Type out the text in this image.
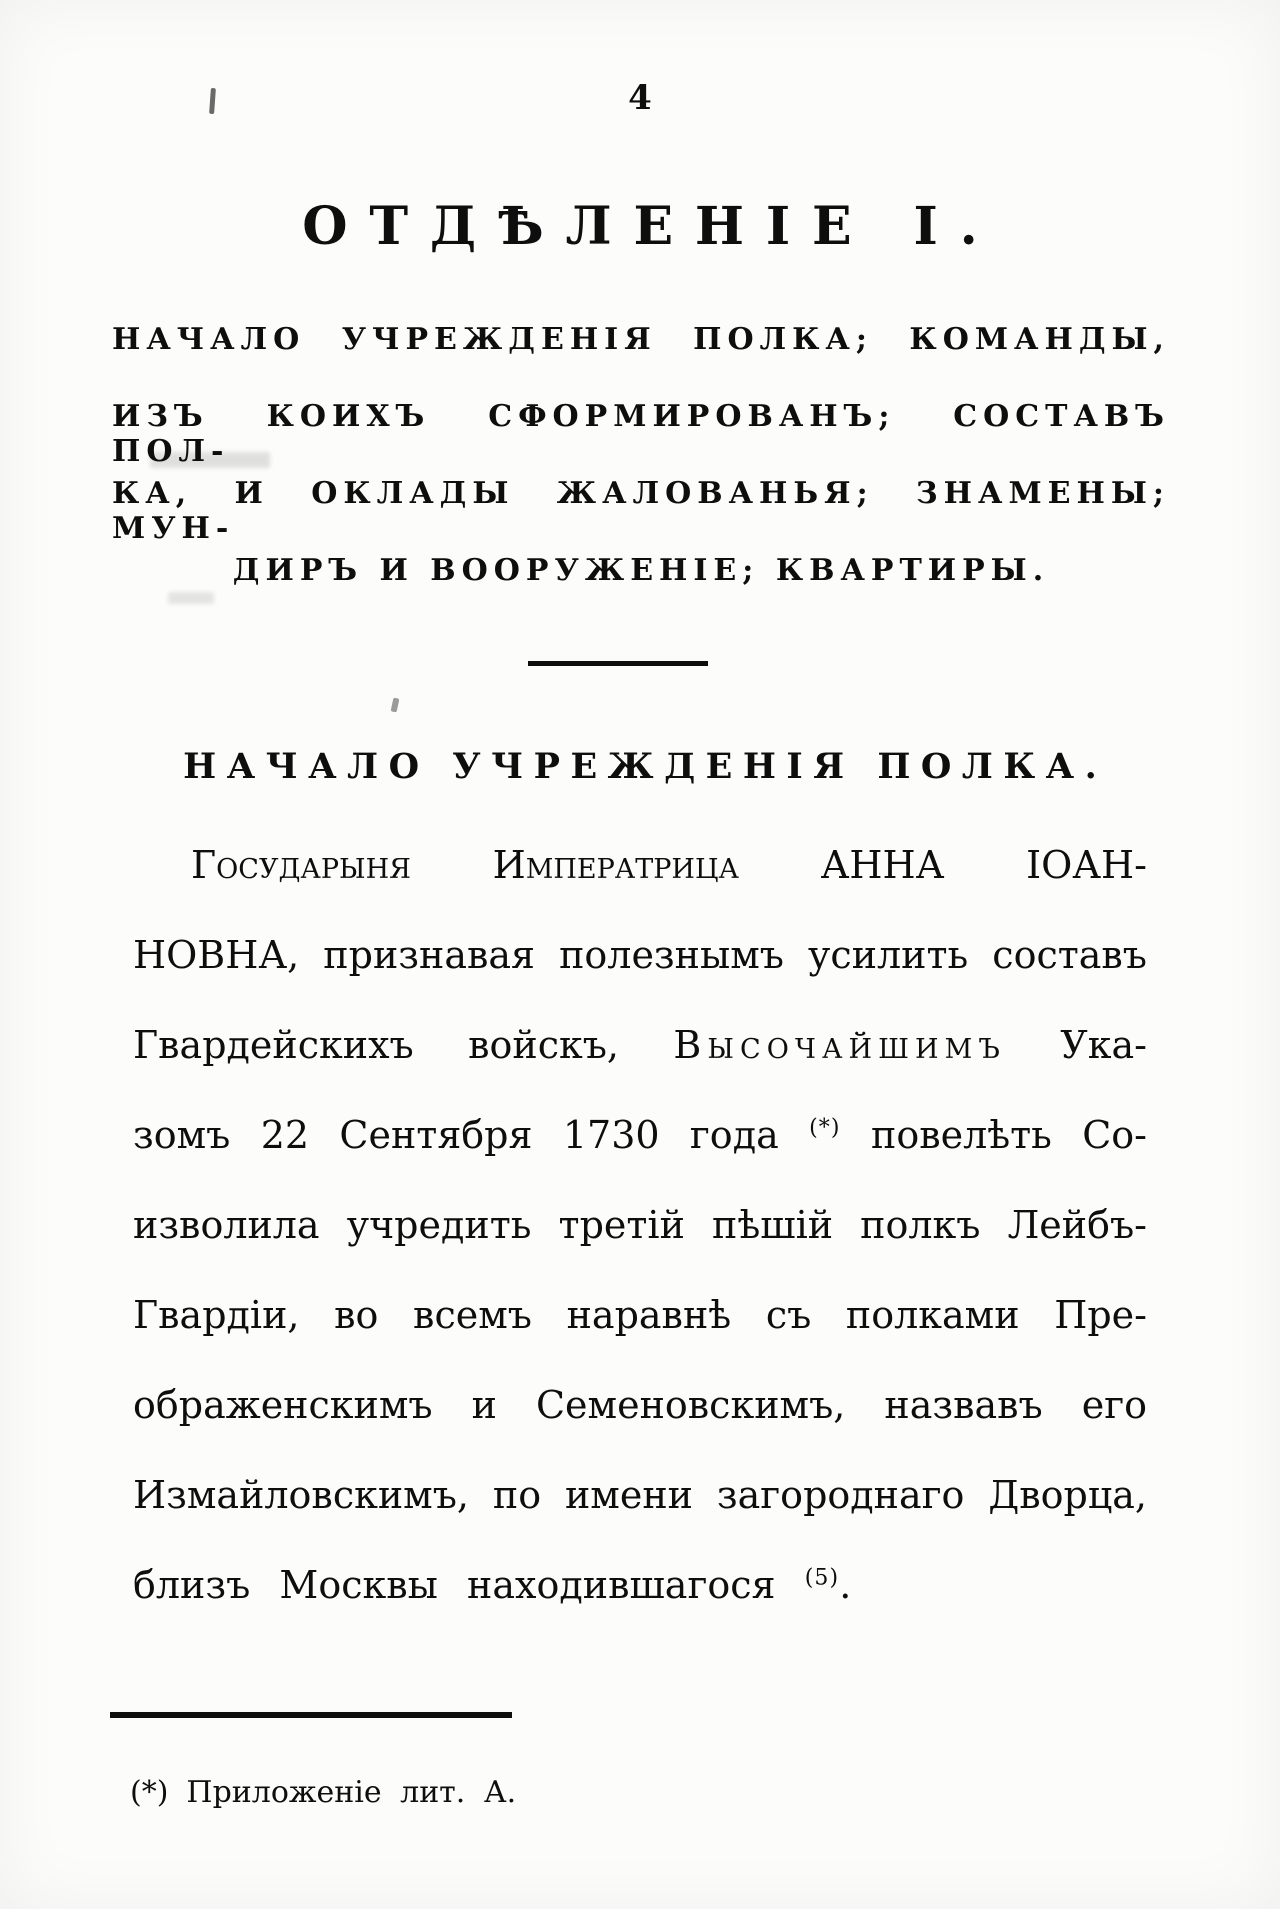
4
ОТДѢЛЕНІЕ I.
НАЧАЛО УЧРЕЖДЕНІЯ ПОЛКА; КОМАНДЫ,
ИЗЪ КОИХЪ СФОРМИРОВАНЪ; СОСТАВЪ ПОЛ-
КА, И ОКЛАДЫ ЖАЛОВАНЬЯ; ЗНАМЕНЫ; МУН-
ДИРЪ И ВООРУЖЕНІЕ; КВАРТИРЫ.
НАЧАЛО УЧРЕЖДЕНІЯ ПОЛКА.
Государыня Императрица АННА ІОАН-
НОВНА, признавая полезнымъ усилить составъ
Гвардейскихъ войскъ, Высочайшимъ Ука-
зомъ 22 Сентября 1730 года (*) повелѣть Со-
изволила учредить третій пѣшій полкъ Лейбъ-
Гвардіи, во всемъ наравнѣ съ полками Пре-
ображенскимъ и Семеновскимъ, назвавъ его
Измайловскимъ, по имени загороднаго Дворца,
близъ Москвы находившагося $^{(5)}$.
(*) Приложеніе лит. А.
